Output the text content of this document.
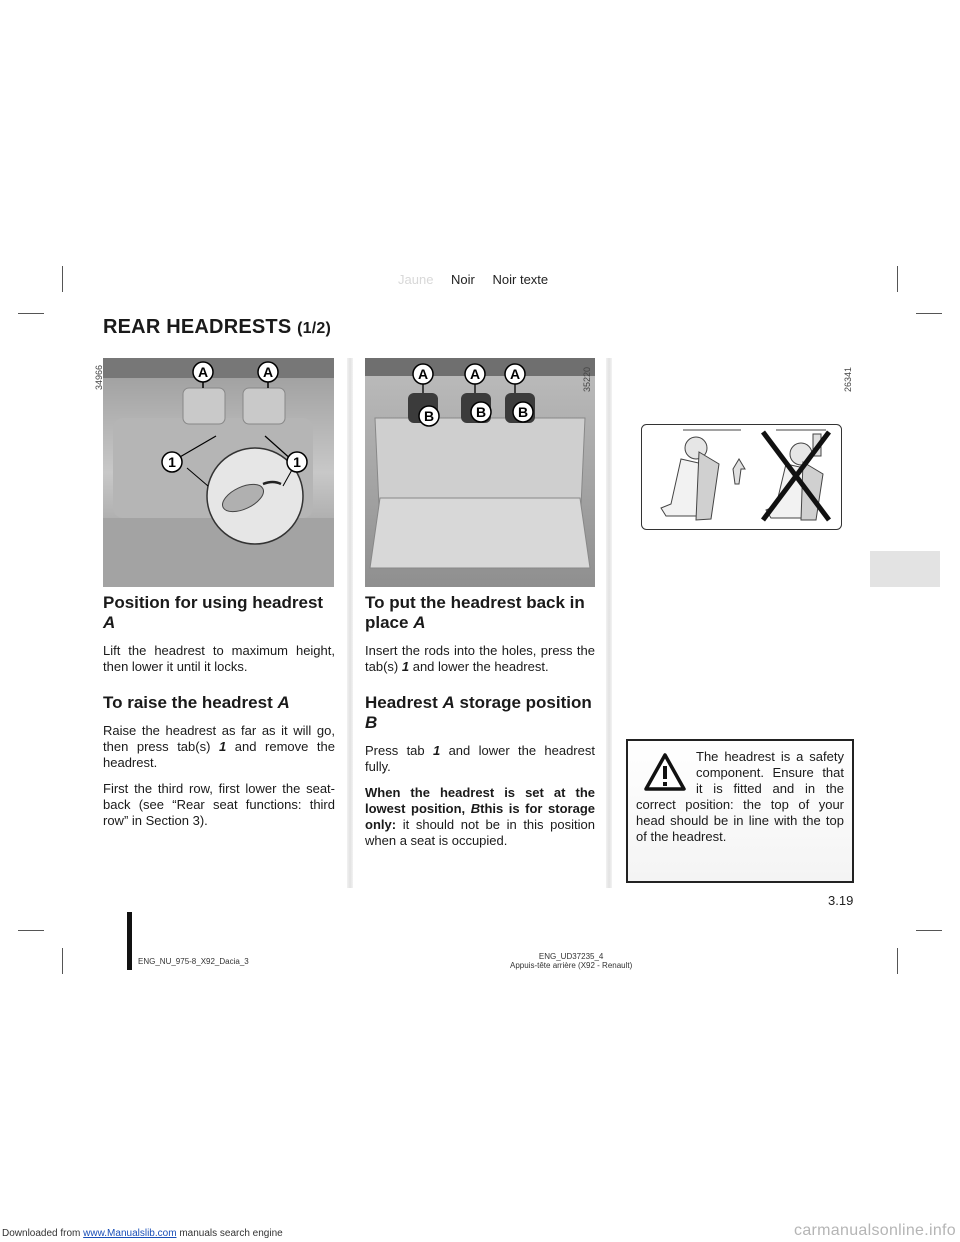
Jaune Noir Noir texte
REAR HEADRESTS (1/2)
A	A
1	1
34966	A	A A
B	B B
35220	26341
Position for using headrest A

Lift the headrest to maximum height, then lower it until it locks.

To raise the headrest A

Raise the headrest as far as it will go, then press tab(s) 1 and remove the headrest.

First the third row, first lower the seat-back (see “Rear seat functions: third row” in Section 3).

To put the headrest back in place A

Insert the rods into the holes, press the tab(s) 1 and lower the headrest.

Headrest A storage position B

Press tab 1 and lower the headrest fully.

When the headrest is set at the lowest position, Bthis is for storage only: it should not be in this position when a seat is occupied.

The headrest is a safety component. Ensure that it is fitted and in the correct position: the top of your head should be in line with the top of the headrest.

3.19
ENG_NU_975-8_X92_Dacia_3
ENG_UD37235_4
Appuis-tête arrière (X92 - Renault)
Downloaded from www.Manualslib.com manuals search engine	carmanualsonline.info
